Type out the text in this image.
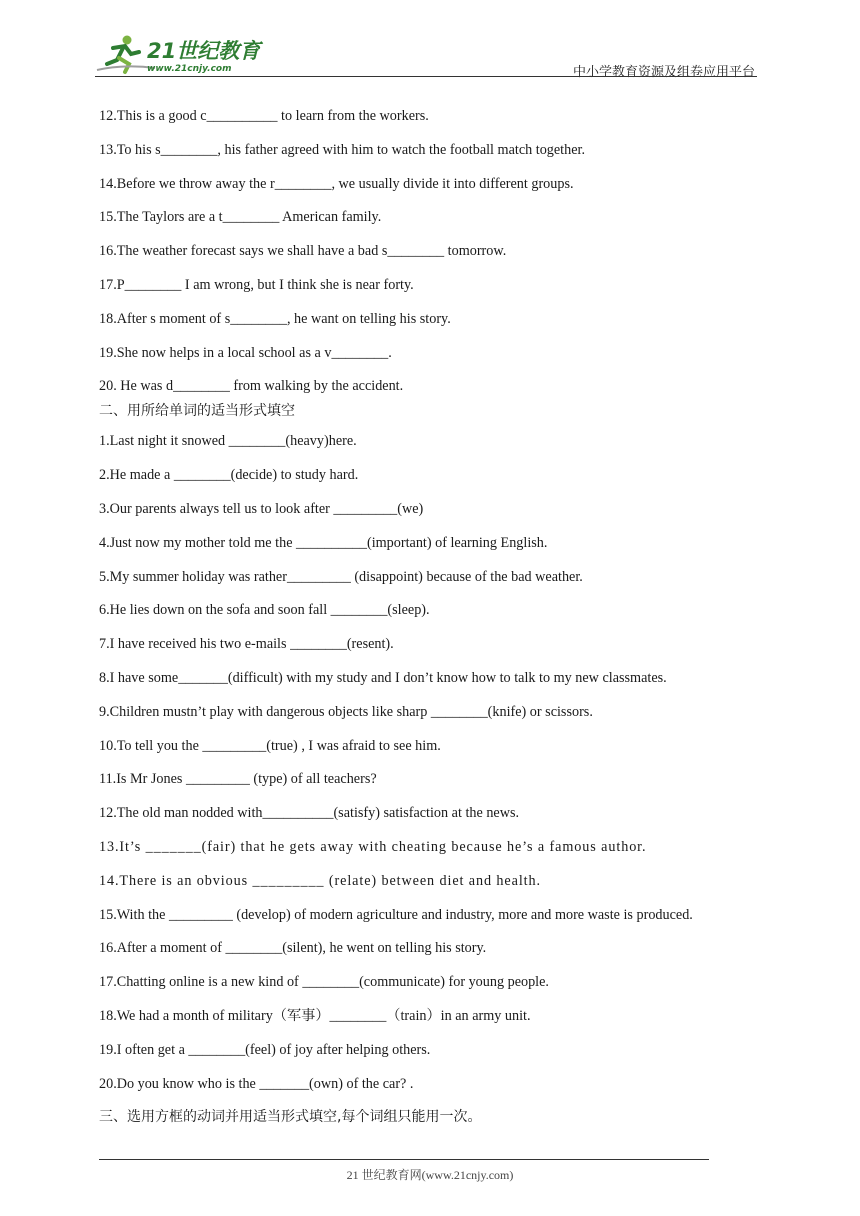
21世纪教育
www.21cnjy.com	中小学教育资源及组卷应用平台
12.This is a good c__________ to learn from the workers.
13.To his s________, his father agreed with him to watch the football match together.
14.Before we throw away the r________, we usually divide it into different groups.
15.The Taylors are a t________ American family.
16.The weather forecast says we shall have a bad s________ tomorrow.
17.P________ I am wrong, but I think she is near forty.
18.After s moment of s________, he want on telling his story.
19.She now helps in a local school as a v________.
20. He was d________ from walking by the accident.
二、用所给单词的适当形式填空
1.Last night it snowed ________(heavy)here.
2.He made a ________(decide) to study hard.
3.Our parents always tell us to look after _________(we)
4.Just now my mother told me the __________(important) of learning English.
5.My summer holiday was rather_________ (disappoint) because of the bad weather.
6.He lies down on the sofa and soon fall ________(sleep).
7.I have received his two e-mails ________(resent).
8.I have some_______(difficult) with my study and I don’t know how to talk to my new classmates.
9.Children mustn’t play with dangerous objects like sharp ________(knife) or scissors.
10.To tell you the _________(true) , I was afraid to see him.
11.Is Mr Jones _________ (type) of all teachers?
12.The old man nodded with__________(satisfy) satisfaction at the news.
13.It’s _______(fair) that he gets away with cheating because he’s a famous author.
14.There is an obvious _________ (relate) between diet and health.
15.With the _________ (develop) of modern agriculture and industry, more and more waste is produced.
16.After a moment of ________(silent), he went on telling his story.
17.Chatting online is a new kind of ________(communicate) for young people.
18.We had a month of military（军事）________（train）in an army unit.
19.I often get a ________(feel) of joy after helping others.
20.Do you know who is the _______(own) of the car? .
三、选用方框的动词并用适当形式填空,每个词组只能用一次。
21 世纪教育网(www.21cnjy.com)
